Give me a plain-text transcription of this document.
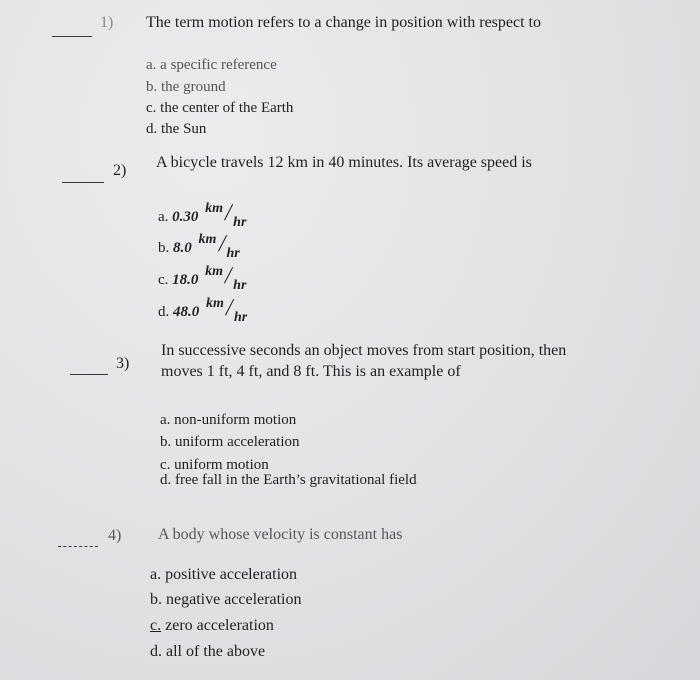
1) The term motion refers to a change in position with respect to
a. a specific reference
b. the ground
c. the center of the Earth
d. the Sun
2) A bicycle travels 12 km in 40 minutes. Its average speed is
a. 0.30
km /
hr
b. 8.0
km /
hr
c. 18.0
km /
hr
d. 48.0
km /
hr
3)
In successive seconds an object moves from start position, then
moves 1 ft, 4 ft, and 8 ft. This is an example of
a. non-uniform motion
b. uniform acceleration
c. uniform motion
d. free fall in the Earth’s gravitational field
4) A body whose velocity is constant has
a. positive acceleration
b. negative acceleration
c. zero acceleration
d. all of the above
